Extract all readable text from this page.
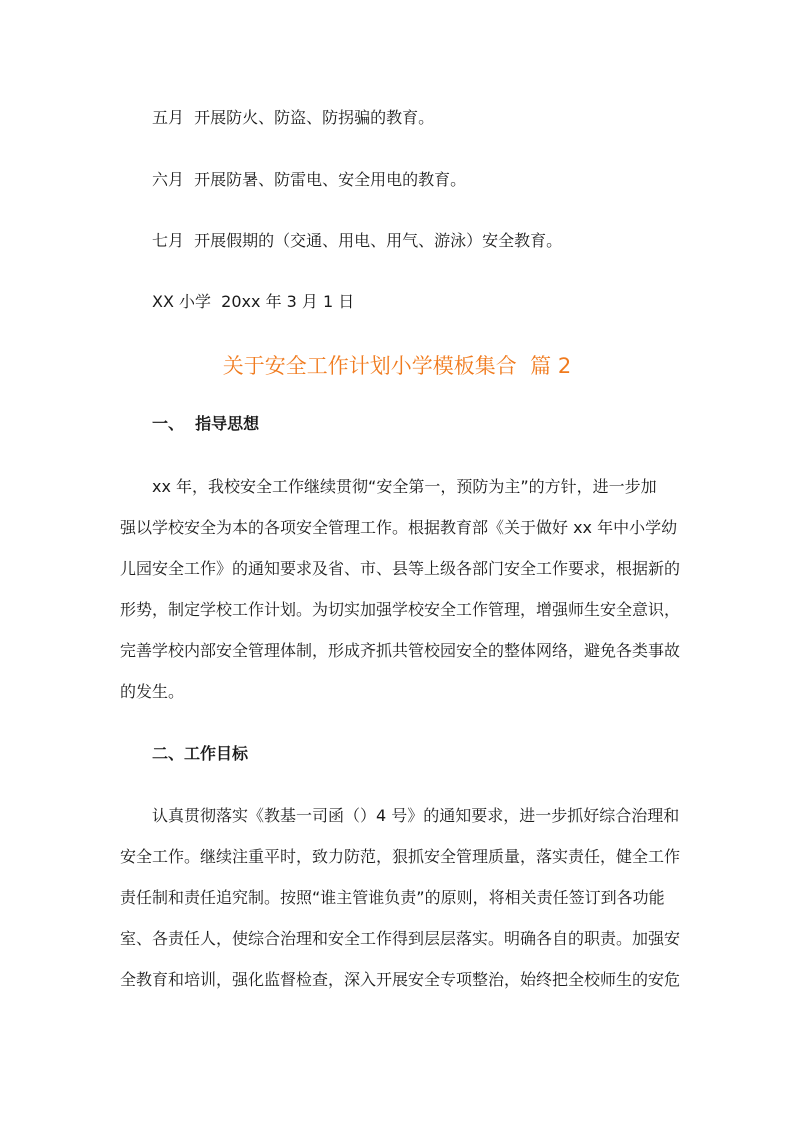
五月  开展防火、防盗、防拐骗的教育。
六月  开展防暑、防雷电、安全用电的教育。
七月  开展假期的（交通、用电、用气、游泳）安全教育。
XX 小学  20xx 年 3 月 1 日
关于安全工作计划小学模板集合  篇 2
一、  指导思想
xx 年，我校安全工作继续贯彻“安全第一，预防为主”的方针，进一步加
强以学校安全为本的各项安全管理工作。根据教育部《关于做好 xx 年中小学幼
儿园安全工作》的通知要求及省、市、县等上级各部门安全工作要求，根据新的
形势，制定学校工作计划。为切实加强学校安全工作管理，增强师生安全意识，
完善学校内部安全管理体制，形成齐抓共管校园安全的整体网络，避免各类事故
的发生。
二、工作目标
认真贯彻落实《教基一司函（）4 号》的通知要求，进一步抓好综合治理和
安全工作。继续注重平时，致力防范，狠抓安全管理质量，落实责任，健全工作
责任制和责任追究制。按照“谁主管谁负责”的原则，将相关责任签订到各功能
室、各责任人，使综合治理和安全工作得到层层落实。明确各自的职责。加强安
全教育和培训，强化监督检查，深入开展安全专项整治，始终把全校师生的安危
